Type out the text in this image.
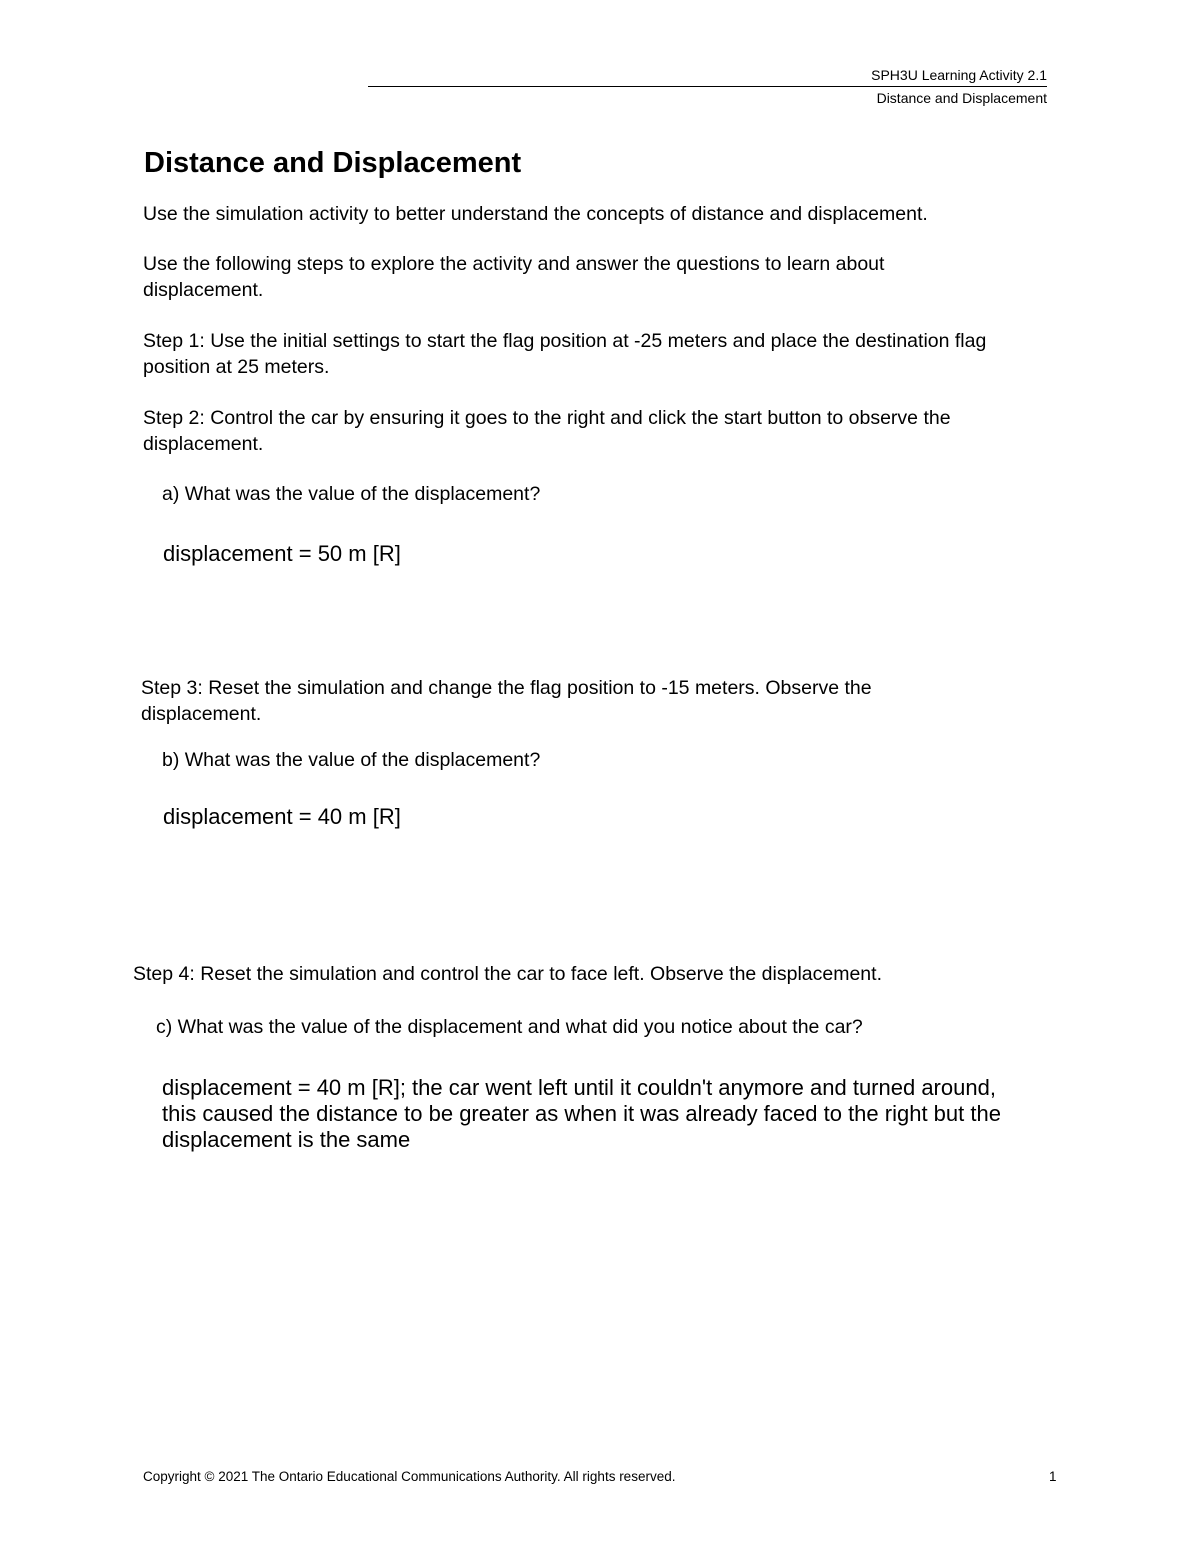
SPH3U Learning Activity 2.1
Distance and Displacement
Distance and Displacement
Use the simulation activity to better understand the concepts of distance and displacement.
Use the following steps to explore the activity and answer the questions to learn about displacement.
Step 1: Use the initial settings to start the flag position at -25 meters and place the destination flag position at 25 meters.
Step 2: Control the car by ensuring it goes to the right and click the start button to observe the displacement.
a) What was the value of the displacement?
displacement = 50 m [R]
Step 3: Reset the simulation and change the flag position to -15 meters. Observe the displacement.
b) What was the value of the displacement?
displacement = 40 m [R]
Step 4: Reset the simulation and control the car to face left. Observe the displacement.
c) What was the value of the displacement and what did you notice about the car?
displacement = 40 m [R]; the car went left until it couldn't anymore and turned around, this caused the distance to be greater as when it was already faced to the right but the displacement is the same
Copyright © 2021 The Ontario Educational Communications Authority. All rights reserved.	1
